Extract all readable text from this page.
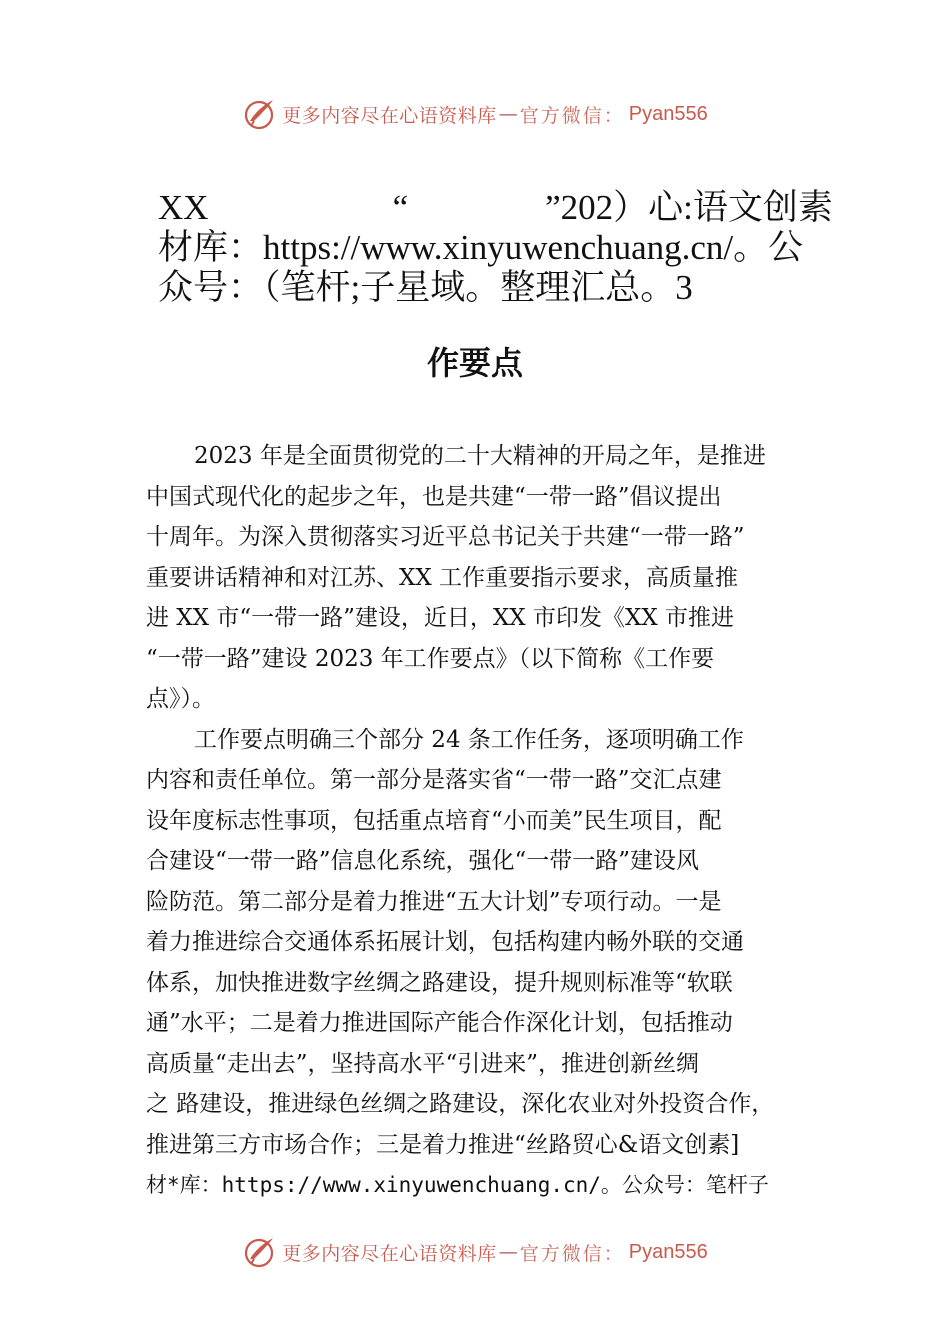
更多内容尽在心语资料库 — 官方微信： Pyan556
XX	“	”202）心:语文创素
材库：https://www.xinyuwenchuang.cn/。公
众号：（笔杆;子星域。整理汇总。3
作要点
2023 年是全面贯彻党的二十大精神的开局之年，是推进
中国式现代化的起步之年，也是共建“一带一路”倡议提出
十周年。为深入贯彻落实习近平总书记关于共建“一带一路”
重要讲话精神和对江苏、XX 工作重要指示要求，高质量推
进 XX 市“一带一路”建设，近日，XX 市印发《XX 市推进
“一带一路”建设 2023 年工作要点》（以下简称《工作要
点》）。
工作要点明确三个部分 24 条工作任务，逐项明确工作
内容和责任单位。第一部分是落实省“一带一路”交汇点建
设年度标志性事项，包括重点培育“小而美”民生项目，配
合建设“一带一路”信息化系统，强化“一带一路”建设风
险防范。第二部分是着力推进“五大计划”专项行动。一是
着力推进综合交通体系拓展计划，包括构建内畅外联的交通
体系，加快推进数字丝绸之路建设，提升规则标准等“软联
通”水平；二是着力推进国际产能合作深化计划，包括推动
高质量“走出去”，坚持高水平“引进来”，推进创新丝绸
之 路建设，推进绿色丝绸之路建设，深化农业对外投资合作，
推进第三方市场合作；三是着力推进“丝路贸心&语文创素]
材*库：https://www.xinyuwenchuang.cn/。公众号：笔杆子
更多内容尽在心语资料库 — 官方微信： Pyan556
